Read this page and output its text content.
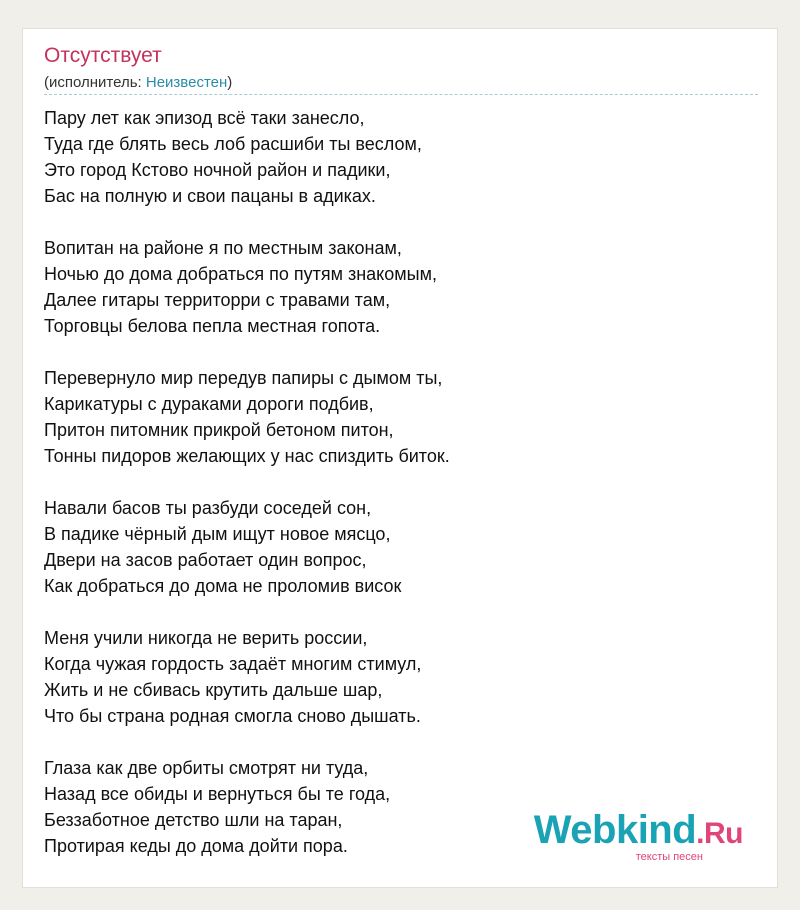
Отсутствует
(исполнитель: Неизвестен)
Пару лет как эпизод всё таки занесло,
Туда где блять весь лоб расшиби ты веслом,
Это город Кстово ночной район и падики,
Бас на полную и свои пацаны в адиках.
Вопитан на районе я по местным законам,
Ночью до дома добраться по путям знакомым,
Далее гитары территорри с травами там,
Торговцы белова пепла местная гопота.
Перевернуло мир передув папиры с дымом ты,
Карикатуры с дураками дороги подбив,
Притон питомник прикрой бетоном питон,
Тонны пидоров желающих у нас спиздить биток.
Навали басов ты разбуди соседей сон,
В падике чёрный дым ищут новое мясцо,
Двери на засов работает один вопрос,
Как добраться до дома не проломив висок
Меня учили никогда не верить россии,
Когда чужая гордость задаёт многим стимул,
Жить и не сбивась крутить дальше шар,
Что бы страна родная смогла сново дышать.
Глаза как две орбиты смотрят ни туда,
Назад все обиды и вернуться бы те года,
Беззаботное детство шли на таран,
Протирая кеды до дома дойти пора.	Webkind.Ru
тексты песен
